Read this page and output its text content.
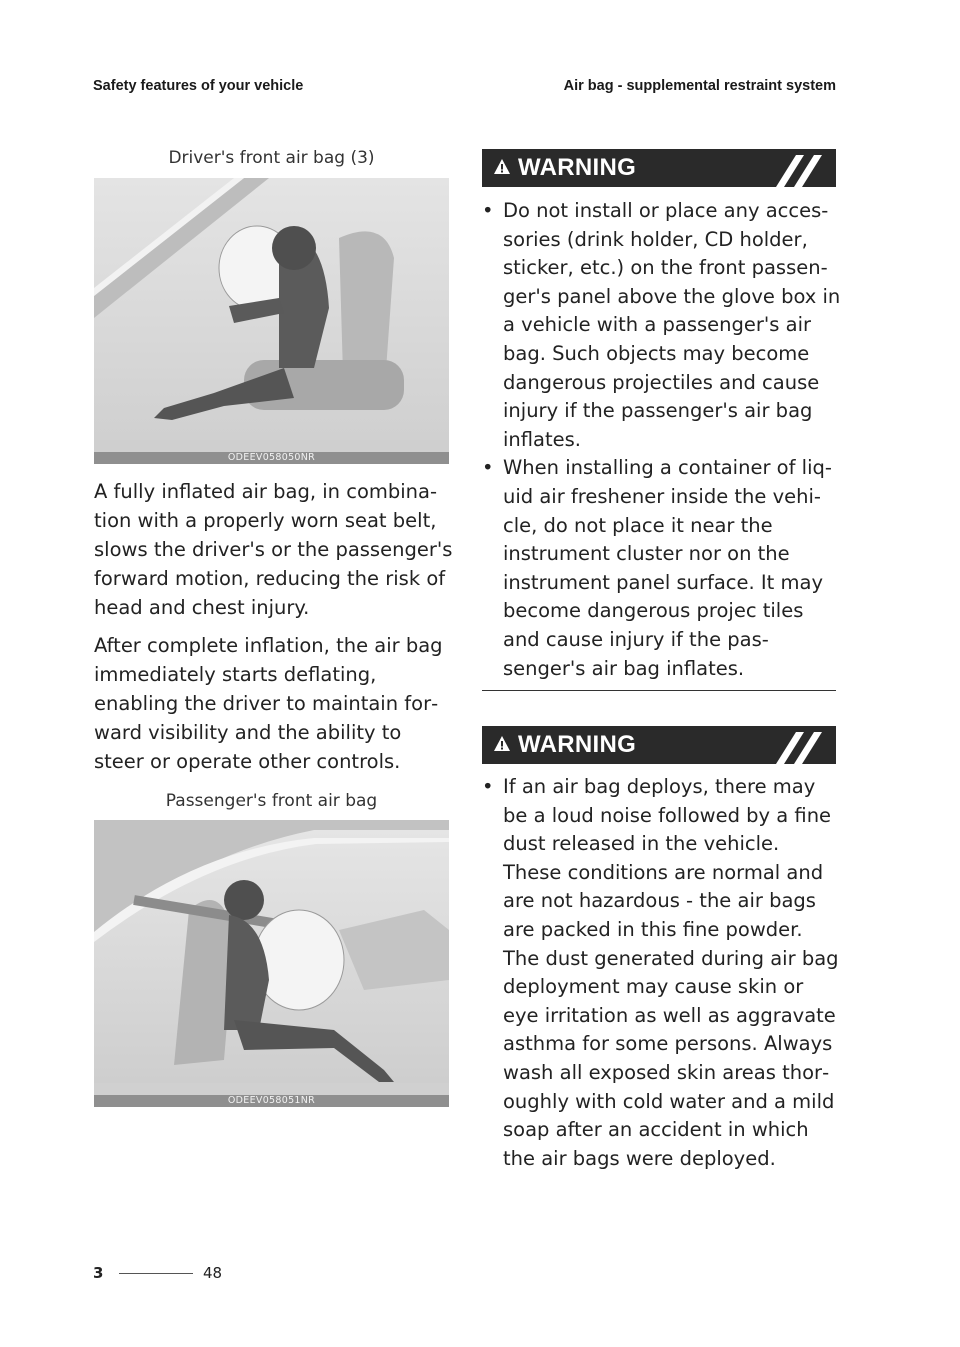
Safety features of your vehicle	Air bag - supplemental restraint system
Driver's front air bag (3)
ODEEV058050NR

A fully inflated air bag, in combina tion with a properly worn seat belt, slows the driver's or the passenger's forward motion, reducing the risk of head and chest injury.

After complete inflation, the air bag immediately starts deflating, enabling the driver to maintain for ward visibility and the ability to steer or operate other controls.

Passenger's front air bag
ODEEV058051NR
WARNING
• Do not install or place any acces sories (drink holder, CD holder, sticker, etc.) on the front passen ger's panel above the glove box in a vehicle with a passenger's air bag. Such objects may become dangerous projectiles and cause injury if the passenger's air bag inflates.
• When installing a container of liq uid air freshener inside the vehi cle, do not place it near the instrument cluster nor on the instrument panel surface. It may become dangerous projec tiles and cause injury if the pas senger's air bag inflates.
WARNING
• If an air bag deploys, there may be a loud noise followed by a fine dust released in the vehicle. These conditions are normal and are not hazardous - the air bags are packed in this fine powder. The dust generated during air bag deployment may cause skin or eye irritation as well as aggravate asthma for some persons. Always wash all exposed skin areas thor oughly with cold water and a mild soap after an accident in which the air bags were deployed.
3	48
